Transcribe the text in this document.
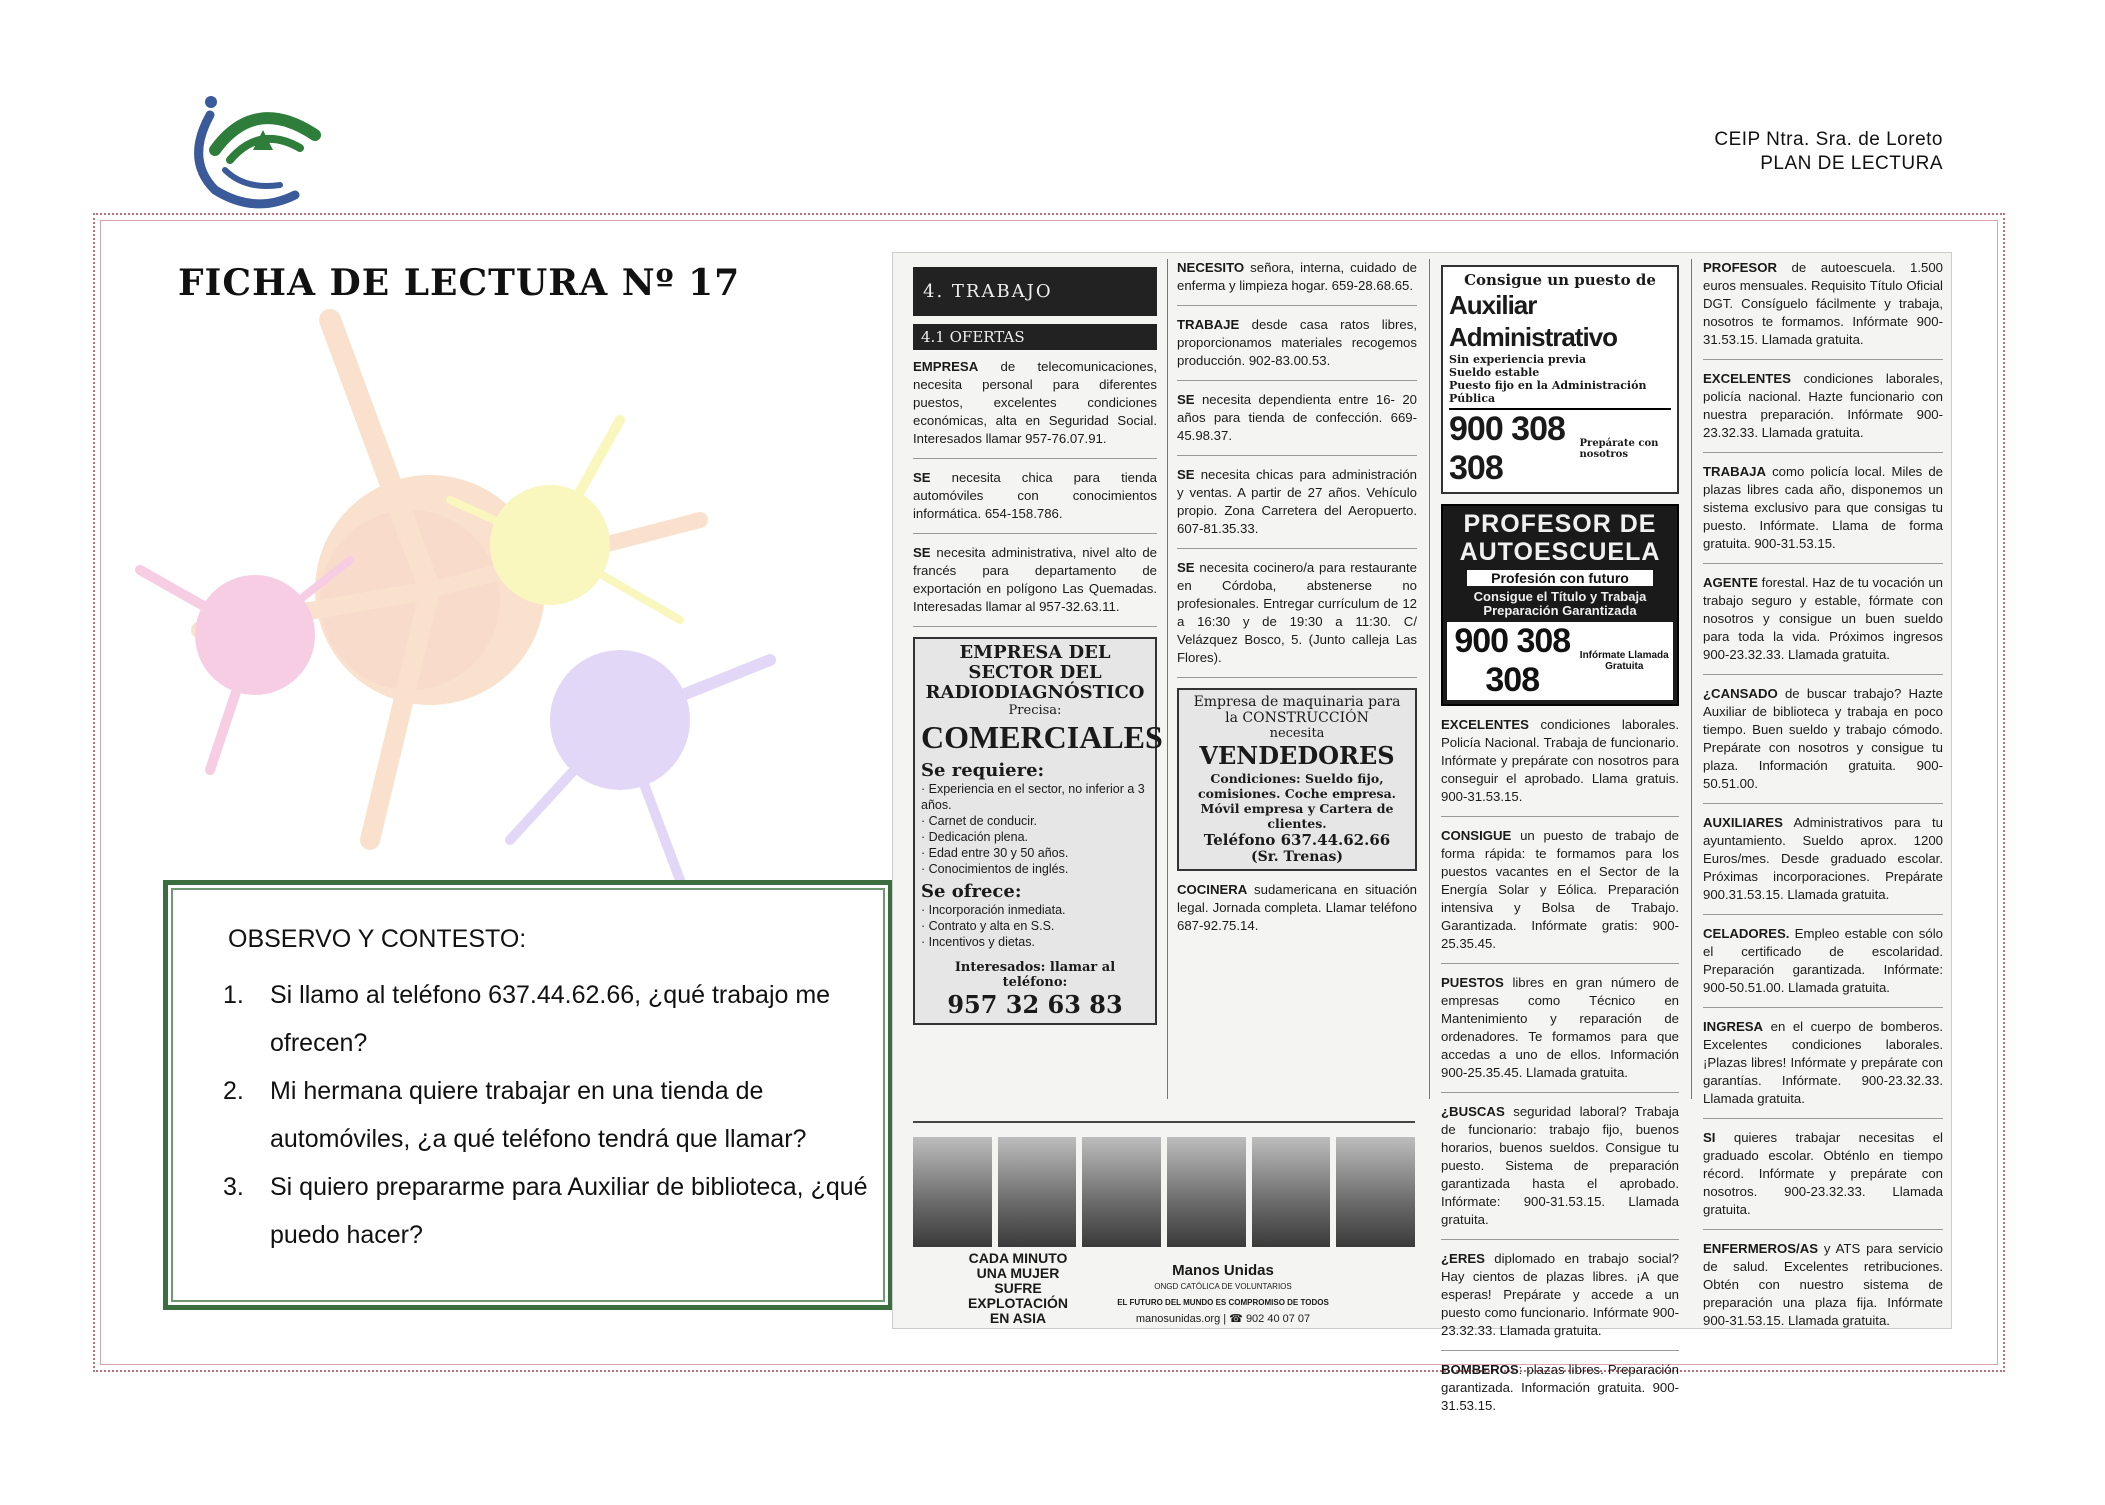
CEIP Ntra. Sra. de Loreto
PLAN DE LECTURA
FICHA DE LECTURA Nº 17
OBSERVO Y CONTESTO:
1. Si llamo al teléfono 637.44.62.66, ¿qué trabajo me ofrecen?
2. Mi hermana quiere trabajar en una tienda de automóviles, ¿a qué teléfono tendrá que llamar?
3. Si quiero prepararme para Auxiliar de biblioteca, ¿qué puedo hacer?
4. TRABAJO
4.1 OFERTAS
EMPRESA de telecomunicaciones, necesita personal para diferentes puestos, excelentes condiciones económicas, alta en Seguridad Social. Interesados llamar 957-76.07.91.
SE necesita chica para tienda automóviles con conocimientos informática. 654-158.786.
SE necesita administrativa, nivel alto de francés para departamento de exportación en polígono Las Quemadas. Interesadas llamar al 957-32.63.11.
EMPRESA DEL SECTOR DEL RADIODIAGNÓSTICO
Precisa:
COMERCIALES
Se requiere:
· Experiencia en el sector, no inferior a 3 años.
· Carnet de conducir.
· Dedicación plena.
· Edad entre 30 y 50 años.
· Conocimientos de inglés.
Se ofrece:
· Incorporación inmediata.
· Contrato y alta en S.S.
· Incentivos y dietas.
Interesados: llamar al teléfono:
957 32 63 83
NECESITO señora, interna, cuidado de enferma y limpieza hogar. 659-28.68.65.
TRABAJE desde casa ratos libres, proporcionamos materiales recogemos producción. 902-83.00.53.
SE necesita dependienta entre 16- 20 años para tienda de confección. 669-45.98.37.
SE necesita chicas para administración y ventas. A partir de 27 años. Vehículo propio. Zona Carretera del Aeropuerto. 607-81.35.33.
SE necesita cocinero/a para restaurante en Córdoba, abstenerse no profesionales. Entregar currículum de 12 a 16:30 y de 19:30 a 11:30. C/ Velázquez Bosco, 5. (Junto calleja Las Flores).
Empresa de maquinaria para la CONSTRUCCIÓN
necesita
VENDEDORES
Condiciones: Sueldo fijo, comisiones. Coche empresa. Móvil empresa y Cartera de clientes.
Teléfono 637.44.62.66
(Sr. Trenas)
COCINERA sudamericana en situación legal. Jornada completa. Llamar teléfono 687-92.75.14.
Consigue un puesto de
Auxiliar Administrativo
Sin experiencia previa
Sueldo estable
Puesto fijo en la Administración Pública
900 308 308
Prepárate con nosotros
PROFESOR DE AUTOESCUELA
Profesión con futuro
Consigue el Título y Trabaja
Preparación Garantizada
900 308 308
Infórmate Llamada Gratuita
EXCELENTES condiciones laborales. Policía Nacional. Trabaja de funcionario. Infórmate y prepárate con nosotros para conseguir el aprobado. Llama gratuis. 900-31.53.15.
CONSIGUE un puesto de trabajo de forma rápida: te formamos para los puestos vacantes en el Sector de la Energía Solar y Eólica. Preparación intensiva y Bolsa de Trabajo. Garantizada. Infórmate gratis: 900-25.35.45.
PUESTOS libres en gran número de empresas como Técnico en Mantenimiento y reparación de ordenadores. Te formamos para que accedas a uno de ellos. Información 900-25.35.45. Llamada gratuita.
¿BUSCAS seguridad laboral? Trabaja de funcionario: trabajo fijo, buenos horarios, buenos sueldos. Consigue tu puesto. Sistema de preparación garantizada hasta el aprobado. Infórmate: 900-31.53.15. Llamada gratuita.
¿ERES diplomado en trabajo social? Hay cientos de plazas libres. ¡A que esperas! Prepárate y accede a un puesto como funcionario. Infórmate 900-23.32.33. Llamada gratuita.
BOMBEROS: plazas libres. Preparación garantizada. Información gratuita. 900-31.53.15.
PROFESOR de autoescuela. 1.500 euros mensuales. Requisito Título Oficial DGT. Consíguelo fácilmente y trabaja, nosotros te formamos. Infórmate 900-31.53.15. Llamada gratuita.
EXCELENTES condiciones laborales, policía nacional. Hazte funcionario con nuestra preparación. Infórmate 900-23.32.33. Llamada gratuita.
TRABAJA como policía local. Miles de plazas libres cada año, disponemos un sistema exclusivo para que consigas tu puesto. Infórmate. Llama de forma gratuita. 900-31.53.15.
AGENTE forestal. Haz de tu vocación un trabajo seguro y estable, fórmate con nosotros y consigue un buen sueldo para toda la vida. Próximos ingresos 900-23.32.33. Llamada gratuita.
¿CANSADO de buscar trabajo? Hazte Auxiliar de biblioteca y trabaja en poco tiempo. Buen sueldo y trabajo cómodo. Prepárate con nosotros y consigue tu plaza. Información gratuita. 900-50.51.00.
AUXILIARES Administrativos para tu ayuntamiento. Sueldo aprox. 1200 Euros/mes. Desde graduado escolar. Próximas incorporaciones. Prepárate 900.31.53.15. Llamada gratuita.
CELADORES. Empleo estable con sólo el certificado de escolaridad. Preparación garantizada. Infórmate: 900-50.51.00. Llamada gratuita.
INGRESA en el cuerpo de bomberos. Excelentes condiciones laborales. ¡Plazas libres! Infórmate y prepárate con garantías. Infórmate. 900-23.32.33. Llamada gratuita.
SI quieres trabajar necesitas el graduado escolar. Obténlo en tiempo récord. Infórmate y prepárate con nosotros. 900-23.32.33. Llamada gratuita.
ENFERMEROS/AS y ATS para servicio de salud. Excelentes retribuciones. Obtén con nuestro sistema de preparación una plaza fija. Infórmate 900-31.53.15. Llamada gratuita.
CADA MINUTO UNA MUJER SUFRE EXPLOTACIÓN EN ASIA
Manos Unidas
ONGD CATÓLICA DE VOLUNTARIOS
EL FUTURO DEL MUNDO ES COMPROMISO DE TODOS
manosunidas.org | ☎ 902 40 07 07
